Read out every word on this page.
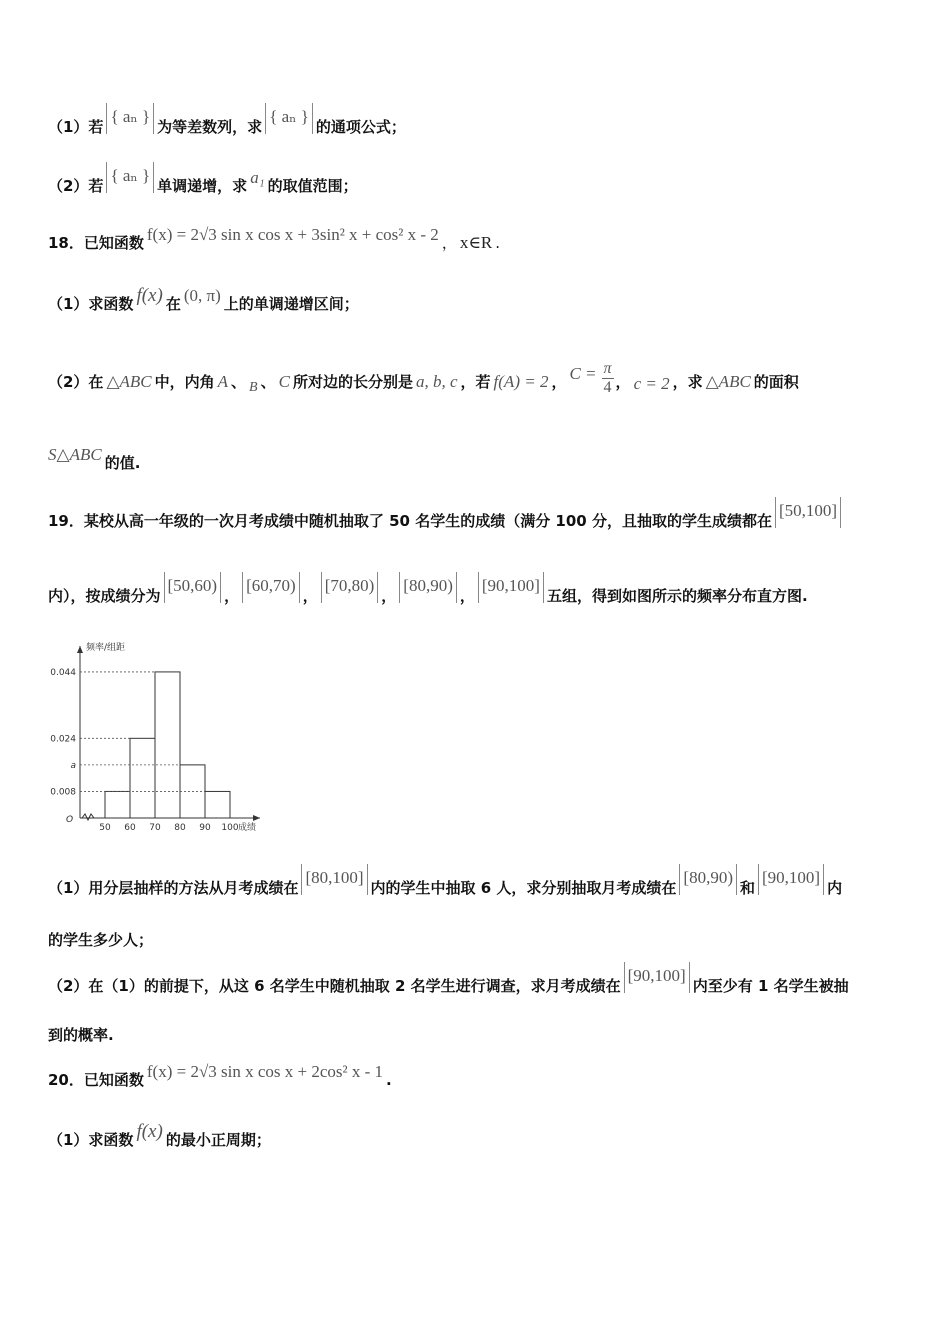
（1）若{ aₙ }为等差数列，求{ aₙ }的通项公式；
（2）若{ aₙ }单调递增，求 a₁ 的取值范围；
18．已知函数 f(x) = 2√3 sin x cos x + 3sin² x + cos² x - 2 ， x∈R .
（1）求函数 f(x) 在 (0, π) 上的单调递增区间；
（2）在 △ABC 中，内角 A 、 B 、 C 所对边的长分别是 a, b, c ，若 f(A) = 2 ， $C = \frac{\pi}{4}$ ， c = 2 ，求 △ABC 的面积
S△ABC 的值.
19．某校从高一年级的一次月考成绩中随机抽取了 50 名学生的成绩（满分 100 分，且抽取的学生成绩都在[50,100]
内），按成绩分为[50,60)，[60,70)，[70,80)，[80,90)，[90,100]五组，得到如图所示的频率分布直方图.
频率/组距
成绩
O
0.044
0.024
a
0.008
50 60 70 80 90 100
（1）用分层抽样的方法从月考成绩在[80,100]内的学生中抽取 6 人，求分别抽取月考成绩在[80,90)和[90,100]内
的学生多少人；
（2）在（1）的前提下，从这 6 名学生中随机抽取 2 名学生进行调查，求月考成绩在[90,100]内至少有 1 名学生被抽
到的概率.
20．已知函数 f(x) = 2√3 sin x cos x + 2cos² x - 1 .
（1）求函数 f(x) 的最小正周期；
